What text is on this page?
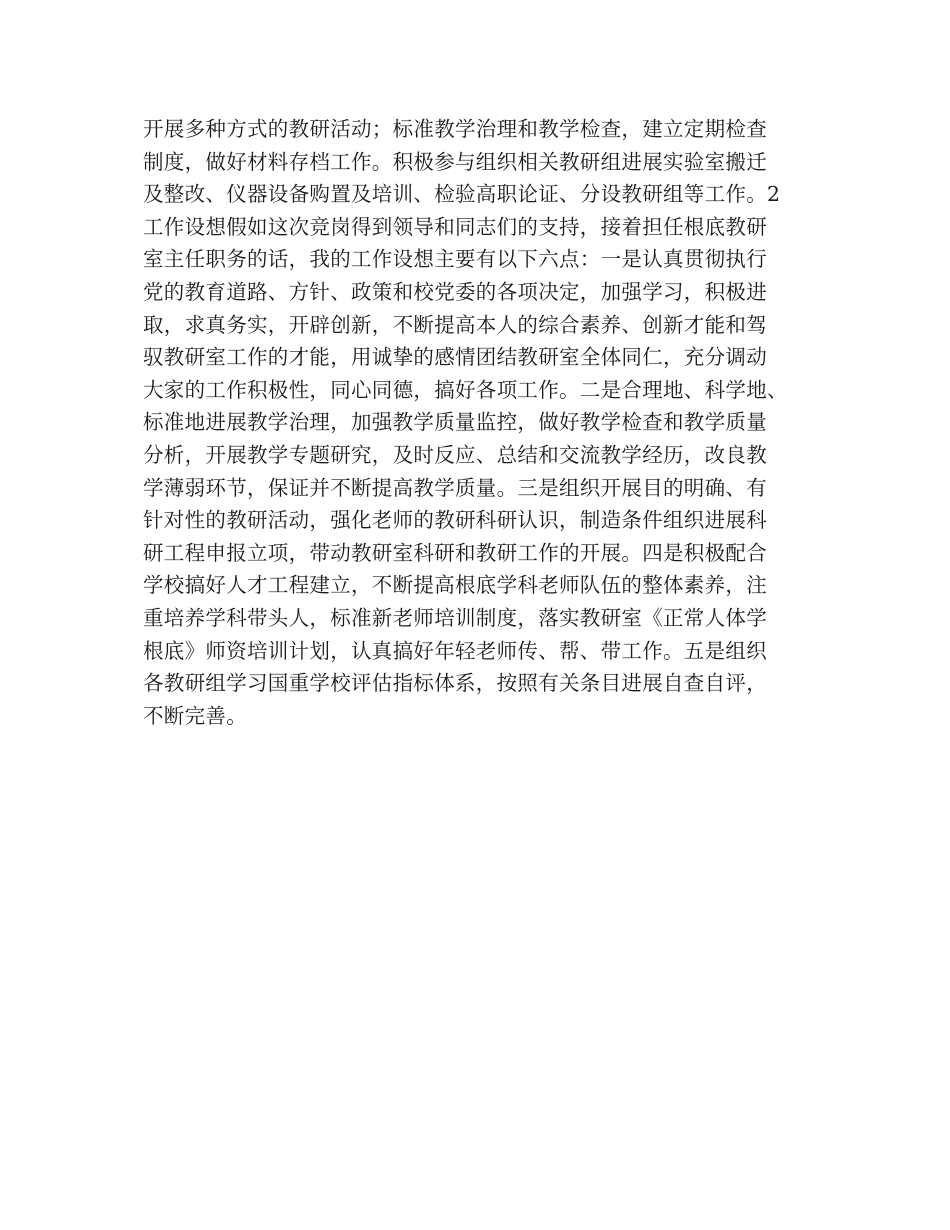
开展多种方式的教研活动；标准教学治理和教学检查，建立定期检查
制度，做好材料存档工作。积极参与组织相关教研组进展实验室搬迁
及整改、仪器设备购置及培训、检验高职论证、分设教研组等工作。2
工作设想假如这次竞岗得到领导和同志们的支持，接着担任根底教研
室主任职务的话，我的工作设想主要有以下六点：一是认真贯彻执行
党的教育道路、方针、政策和校党委的各项决定，加强学习，积极进
取，求真务实，开辟创新，不断提高本人的综合素养、创新才能和驾
驭教研室工作的才能，用诚挚的感情团结教研室全体同仁，充分调动
大家的工作积极性，同心同德，搞好各项工作。二是合理地、科学地、
标准地进展教学治理，加强教学质量监控，做好教学检查和教学质量
分析，开展教学专题研究，及时反应、总结和交流教学经历，改良教
学薄弱环节，保证并不断提高教学质量。三是组织开展目的明确、有
针对性的教研活动，强化老师的教研科研认识，制造条件组织进展科
研工程申报立项，带动教研室科研和教研工作的开展。四是积极配合
学校搞好人才工程建立，不断提高根底学科老师队伍的整体素养，注
重培养学科带头人，标准新老师培训制度，落实教研室《正常人体学
根底》师资培训计划，认真搞好年轻老师传、帮、带工作。五是组织
各教研组学习国重学校评估指标体系，按照有关条目进展自查自评，
不断完善。
